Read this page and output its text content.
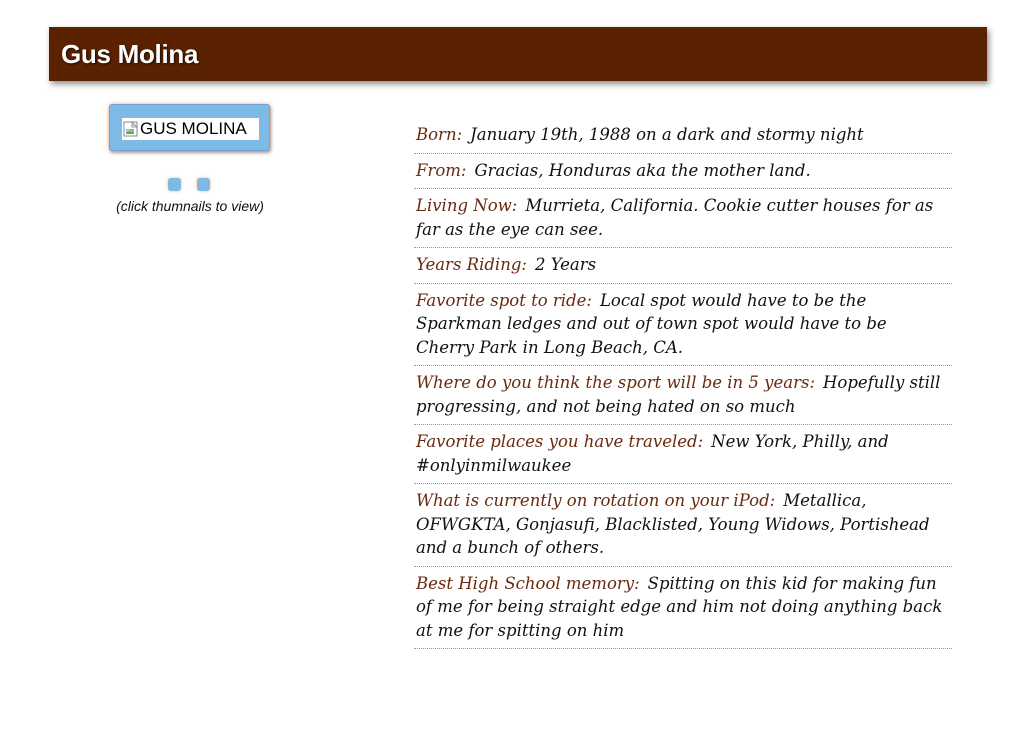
Gus Molina
GUS MOLINA
(click thumnails to view)
Born: January 19th, 1988 on a dark and stormy night
From: Gracias, Honduras aka the mother land.
Living Now: Murrieta, California. Cookie cutter houses for as far as the eye can see.
Years Riding: 2 Years
Favorite spot to ride: Local spot would have to be the Sparkman ledges and out of town spot would have to be Cherry Park in Long Beach, CA.
Where do you think the sport will be in 5 years: Hopefully still progressing, and not being hated on so much
Favorite places you have traveled: New York, Philly, and #onlyinmilwaukee
What is currently on rotation on your iPod: Metallica, OFWGKTA, Gonjasufi, Blacklisted, Young Widows, Portishead and a bunch of others.
Best High School memory: Spitting on this kid for making fun of me for being straight edge and him not doing anything back at me for spitting on him
